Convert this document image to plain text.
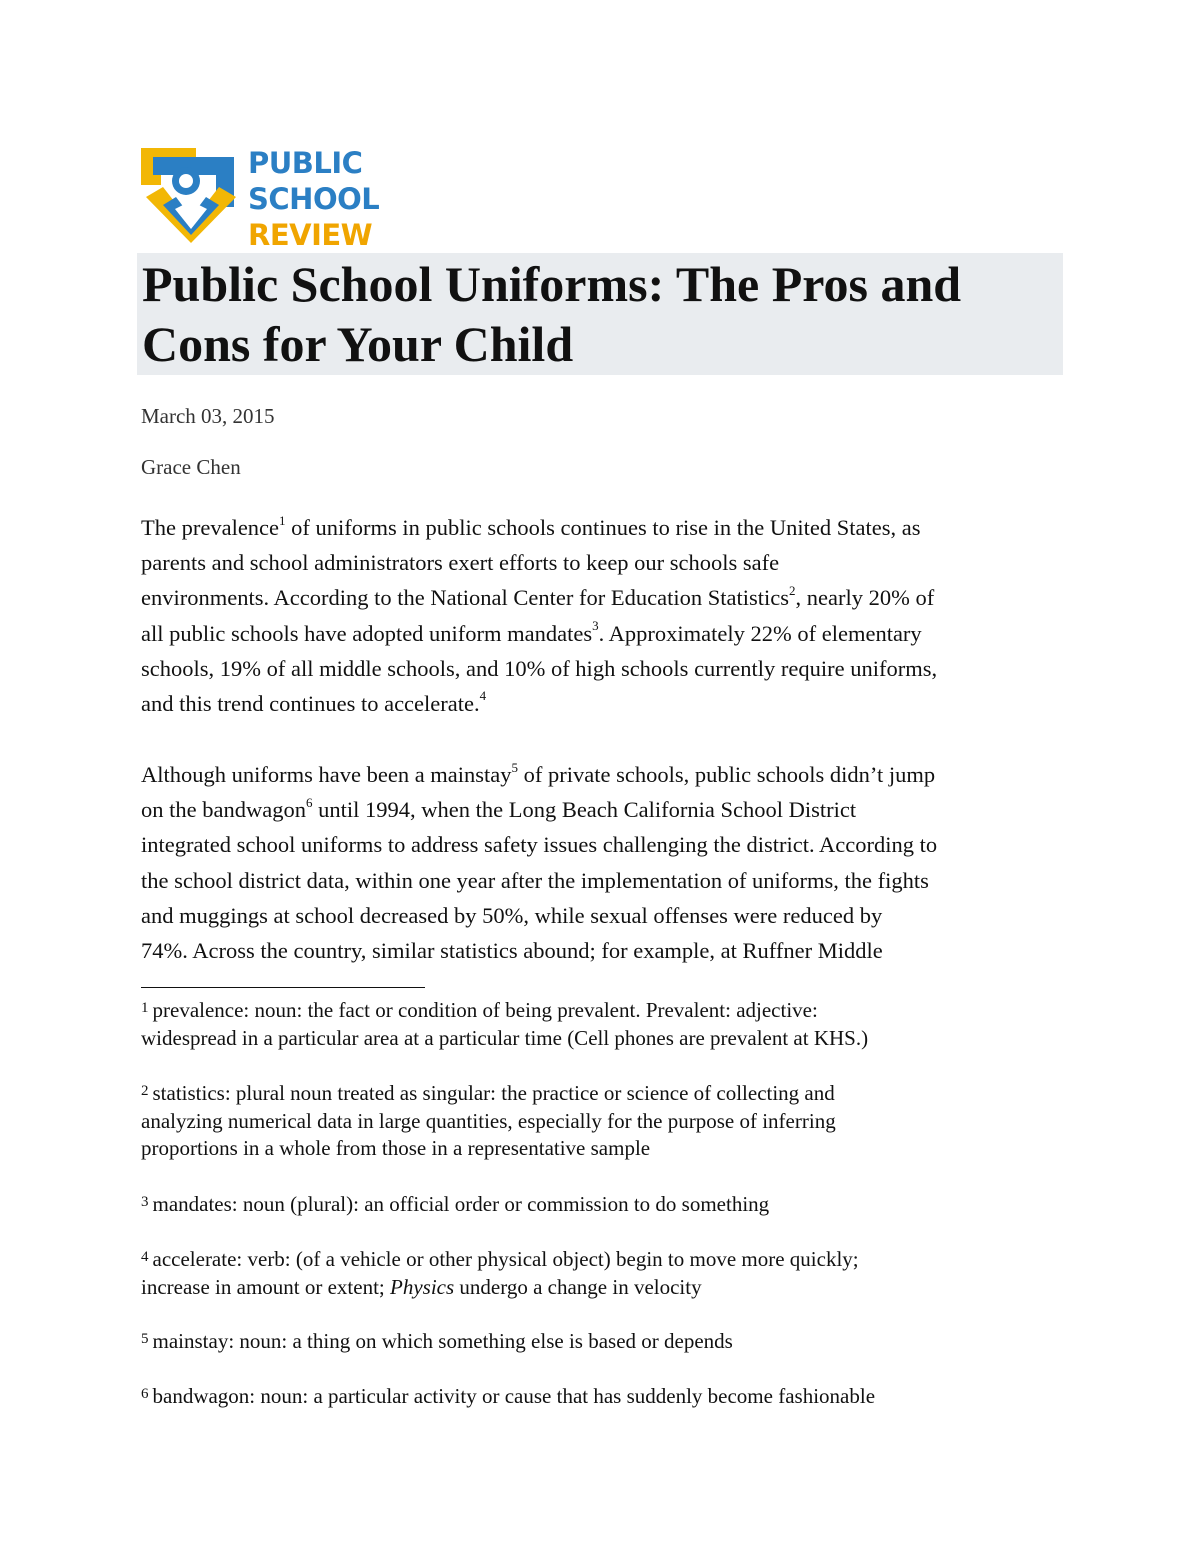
PUBLIC
SCHOOL
REVIEW
Public School Uniforms: The Pros and
Cons for Your Child
March 03, 2015
Grace Chen

The prevalence$^1$ of uniforms in public schools continues to rise in the United States, as
parents and school administrators exert efforts to keep our schools safe
environments. According to the National Center for Education Statistics$^2$, nearly 20% of
all public schools have adopted uniform mandates$^3$. Approximately 22% of elementary
schools, 19% of all middle schools, and 10% of high schools currently require uniforms,
and this trend continues to accelerate.$^4$

Although uniforms have been a mainstay$^5$ of private schools, public schools didn’t jump
on the bandwagon$^6$ until 1994, when the Long Beach California School District
integrated school uniforms to address safety issues challenging the district. According to
the school district data, within one year after the implementation of uniforms, the fights
and muggings at school decreased by 50%, while sexual offenses were reduced by
74%. Across the country, similar statistics abound; for example, at Ruffner Middle

$^1$ prevalence: noun: the fact or condition of being prevalent. Prevalent: adjective:
widespread in a particular area at a particular time (Cell phones are prevalent at KHS.)
$^2$ statistics: plural noun treated as singular: the practice or science of collecting and
analyzing numerical data in large quantities, especially for the purpose of inferring
proportions in a whole from those in a representative sample
$^3$ mandates: noun (plural): an official order or commission to do something
$^4$ accelerate: verb: (of a vehicle or other physical object) begin to move more quickly;
increase in amount or extent; Physics undergo a change in velocity
$^5$ mainstay: noun: a thing on which something else is based or depends
$^6$ bandwagon: noun: a particular activity or cause that has suddenly become fashionable
